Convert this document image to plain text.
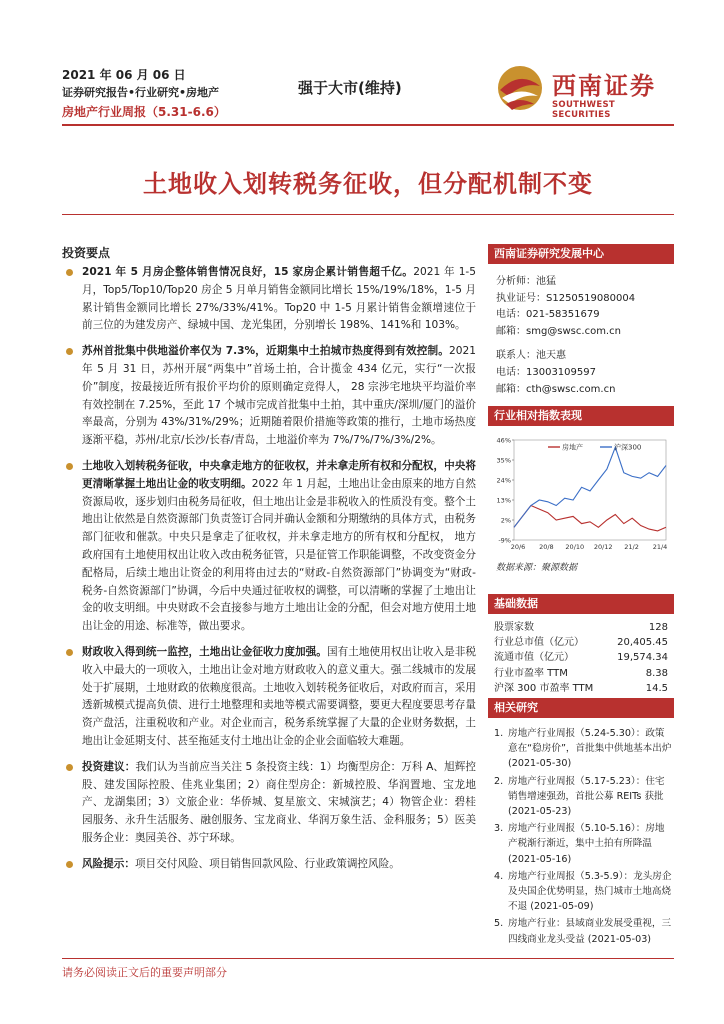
2021 年 06 月 06 日
证券研究报告•行业研究•房地产
房地产行业周报（5.31-6.6）
强于大市(维持)	西南证券
SOUTHWEST SECURITIES
土地收入划转税务征收，但分配机制不变
投资要点
2021 年 5 月房企整体销售情况良好，15 家房企累计销售超千亿。2021 年 1-5 月，Top5/Top10/Top20 房企 5 月单月销售金额同比增长 15%/19%/18%，1-5 月累计销售金额同比增长 27%/33%/41%。Top20 中 1-5 月累计销售金额增速位于前三位的为建发房产、绿城中国、龙光集团，分别增长 198%、141%和 103%。
苏州首批集中供地溢价率仅为 7.3%，近期集中土拍城市热度得到有效控制。2021 年 5 月 31 日，苏州开展“两集中”首场土拍，合计揽金 434 亿元，实行“一次报价”制度，按最接近所有报价平均价的原则确定竞得人， 28 宗涉宅地块平均溢价率有效控制在 7.25%，至此 17 个城市完成首批集中土拍，其中重庆/深圳/厦门的溢价率最高，分别为 43%/31%/29%；近期随着限价措施等政策的推行，土地市场热度逐渐平稳，苏州/北京/长沙/长春/青岛，土地溢价率为 7%/7%/7%/3%/2%。
土地收入划转税务征收，中央拿走地方的征收权，并未拿走所有权和分配权，中央将更清晰掌握土地出让金的收支明细。2022 年 1 月起，土地出让金由原来的地方自然资源局收，逐步划归由税务局征收，但土地出让金是非税收入的性质没有变。整个土地出让依然是自然资源部门负责签订合同并确认金额和分期缴纳的具体方式，由税务部门征收和催款。中央只是拿走了征收权，并未拿走地方的所有权和分配权， 地方政府国有土地使用权出让收入改由税务征管，只是征管工作职能调整，不改变资金分配格局，后续土地出让资金的利用将由过去的“财政-自然资源部门”协调变为“财政-税务-自然资源部门”协调，今后中央通过征收权的调整，可以清晰的掌握了土地出让金的收支明细。中央财政不会直接参与地方土地出让金的分配，但会对地方使用土地出让金的用途、标准等，做出要求。
财政收入得到统一监控，土地出让金征收力度加强。国有土地使用权出让收入是非税收入中最大的一项收入，土地出让金对地方财政收入的意义重大。强二线城市的发展处于扩展期，土地财政的依赖度很高。土地收入划转税务征收后，对政府而言，采用透新城模式提高负债、进行土地整理和卖地等模式需要调整，要更大程度要思考存量资产盘活，注重税收和产业。对企业而言，税务系统掌握了大量的企业财务数据，土地出让金延期支付、甚至拖延支付土地出让金的企业会面临较大难题。
投资建议：我们认为当前应当关注 5 条投资主线：1）均衡型房企：万科 A、旭辉控股、建发国际控股、佳兆业集团；2）商住型房企：新城控股、华润置地、宝龙地产、龙湖集团；3）文旅企业：华侨城、复星旅文、宋城演艺；4）物管企业：碧桂园服务、永升生活服务、融创服务、宝龙商业、华润万象生活、金科服务；5）医美服务企业：奥园美谷、苏宁环球。
风险提示：项目交付风险、项目销售回款风险、行业政策调控风险。
西南证券研究发展中心
分析师：池猛
执业证号：S1250519080004
电话：021-58351679
邮箱：smg@swsc.com.cn
联系人：池天惠
电话：13003109597
邮箱：cth@swsc.com.cn
行业相对指数表现
-9%
2%
13%
24%
35%
46%
20/6 20/8 20/10 20/12 21/2 21/4
房地产	沪深300
数据来源：聚源数据
基础数据
股票家数	128
行业总市值（亿元）	20,405.45
流通市值（亿元）	19,574.34
行业市盈率 TTM	8.38
沪深 300 市盈率 TTM	14.5
相关研究
1. 房地产行业周报（5.24-5.30）：政策意在“稳房价”，首批集中供地基本出炉 (2021-05-30)
2. 房地产行业周报（5.17-5.23）：住宅销售增速强劲，首批公募 REITs 获批 (2021-05-23)
3. 房地产行业周报（5.10-5.16）：房地产税渐行渐近，集中土拍有所降温 (2021-05-16)
4. 房地产行业周报（5.3-5.9）：龙头房企及央国企优势明显，热门城市土地高烧不退 (2021-05-09)
5. 房地产行业：县域商业发展受重视，三四线商业龙头受益 (2021-05-03)
请务必阅读正文后的重要声明部分
